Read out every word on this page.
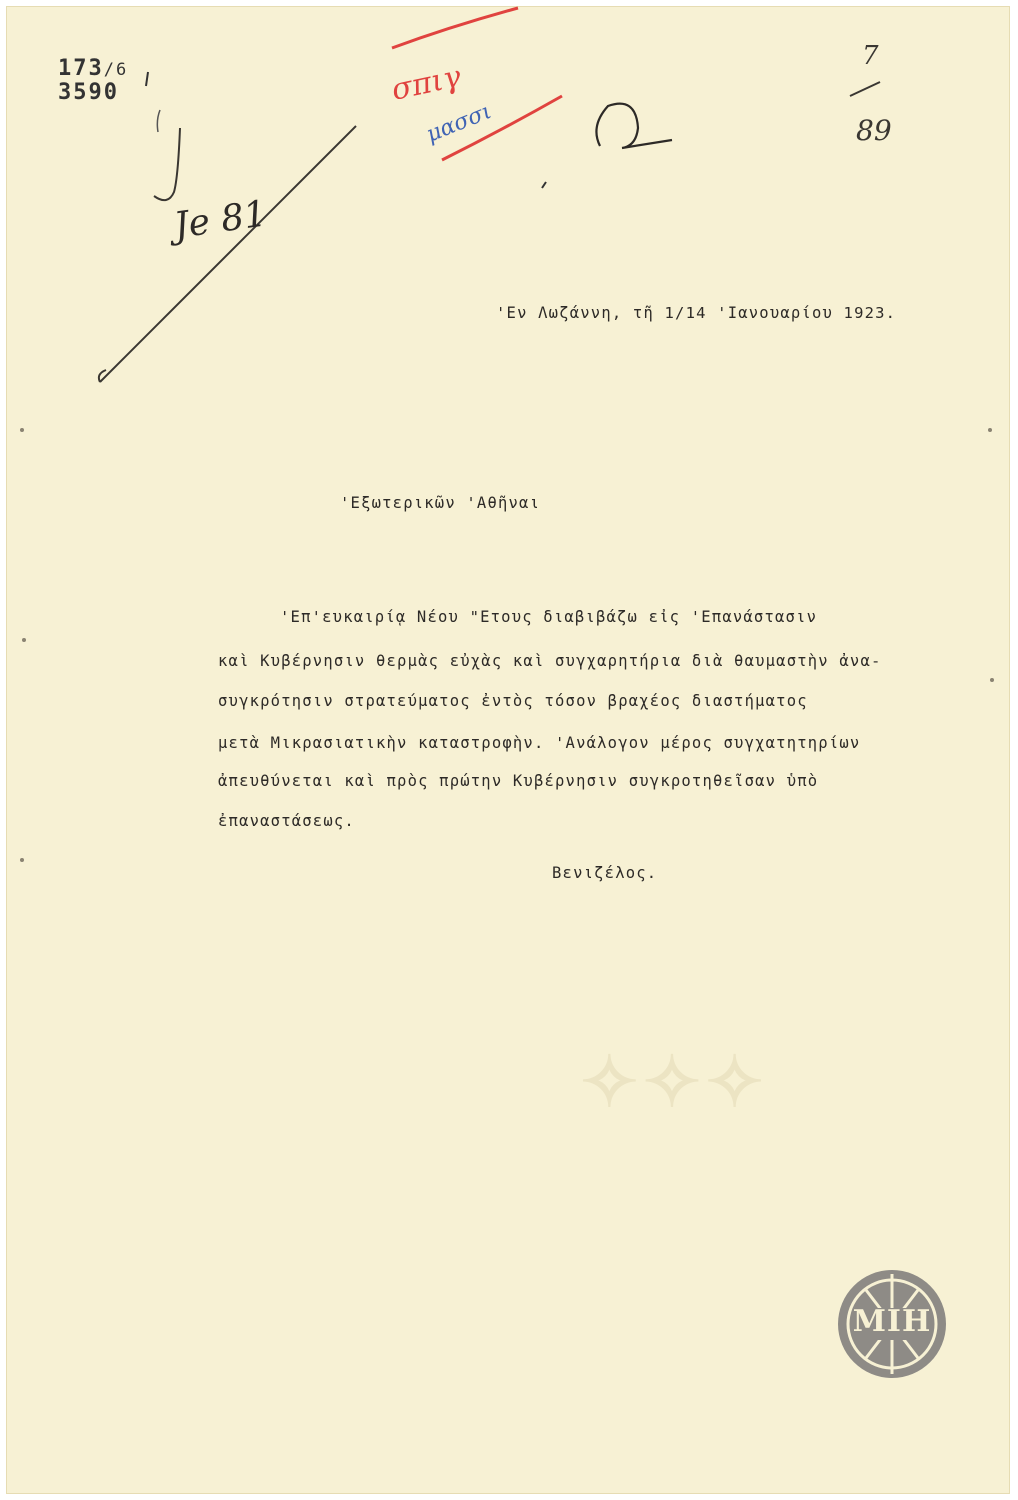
173/6
3590	σπιγ
μασσι
7
89
Je 81

'Εν Λωζάννη, τῆ 1/14 'Ιανουαρίου 1923.

'Εξωτερικῶν 'Αθῆναι

'Επ'ευκαιρίᾳ Νέου "Ετους διαβιβάζω εἰς 'Επανάστασιν

καὶ Κυβέρνησιν θερμὰς εὐχὰς καὶ συγχαρητήρια διὰ θαυμαστὴν ἀνα-

συγκρότησιν στρατεύματος ἐντὸς τόσον βραχέος διαστήματος

μετὰ Μικρασιατικὴν καταστροφὴν. 'Ανάλογον μέρος συγχατητηρίων

ἀπευθύνεται καὶ πρὸς πρώτην Κυβέρνησιν συγκροτηθεῖσαν ὑπὸ

ἐπαναστάσεως.

Βενιζέλος.

✧✧✧
ΜΙΗ
